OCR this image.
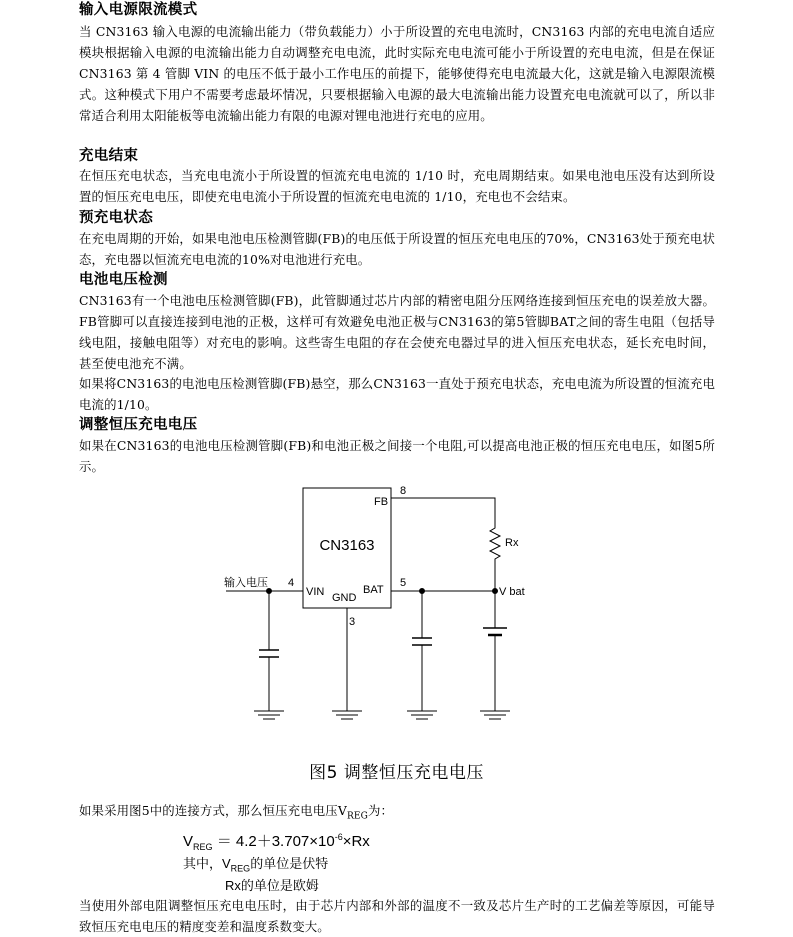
输入电源限流模式

当 CN3163 输入电源的电流输出能力（带负载能力）小于所设置的充电电流时，CN3163 内部的充电电流自适应模块根据输入电源的电流输出能力自动调整充电电流，此时实际充电电流可能小于所设置的充电电流，但是在保证 CN3163 第 4 管脚 VIN 的电压不低于最小工作电压的前提下，能够使得充电电流最大化，这就是输入电源限流模式。这种模式下用户不需要考虑最坏情况，只要根据输入电源的最大电流输出能力设置充电电流就可以了，所以非常适合利用太阳能板等电流输出能力有限的电源对锂电池进行充电的应用。

充电结束

在恒压充电状态，当充电电流小于所设置的恒流充电电流的 1/10 时，充电周期结束。如果电池电压没有达到所设置的恒压充电电压，即使充电电流小于所设置的恒流充电电流的 1/10，充电也不会结束。

预充电状态

在充电周期的开始，如果电池电压检测管脚(FB)的电压低于所设置的恒压充电电压的70%，CN3163处于预充电状态，充电器以恒流充电电流的10%对电池进行充电。

电池电压检测

CN3163有一个电池电压检测管脚(FB)，此管脚通过芯片内部的精密电阻分压网络连接到恒压充电的误差放大器。FB管脚可以直接连接到电池的正极，这样可有效避免电池正极与CN3163的第5管脚BAT之间的寄生电阻（包括导线电阻，接触电阻等）对充电的影响。这些寄生电阻的存在会使充电器过早的进入恒压充电状态，延长充电时间，甚至使电池充不满。

如果将CN3163的电池电压检测管脚(FB)悬空，那么CN3163一直处于预充电状态，充电电流为所设置的恒流充电电流的1/10。

调整恒压充电电压

如果在CN3163的电池电压检测管脚(FB)和电池正极之间接一个电阻,可以提高电池正极的恒压充电电压，如图5所示。

如果采用图5中的连接方式，那么恒压充电电压$V_{REG}$为：

当使用外部电阻调整恒压充电电压时，由于芯片内部和外部的温度不一致及芯片生产时的工艺偏差等原因，可能导致恒压充电电压的精度变差和温度系数变大。

CN3163
FB
VIN GND
BAT
8
4	5
3
Rx
输入电压
V bat
图5 调整恒压充电电压
$V_{REG} = 4.2+3.707\times 10^{-6}\times Rx$
其中，$V_{REG}$的单位是伏特
Rx的单位是欧姆
